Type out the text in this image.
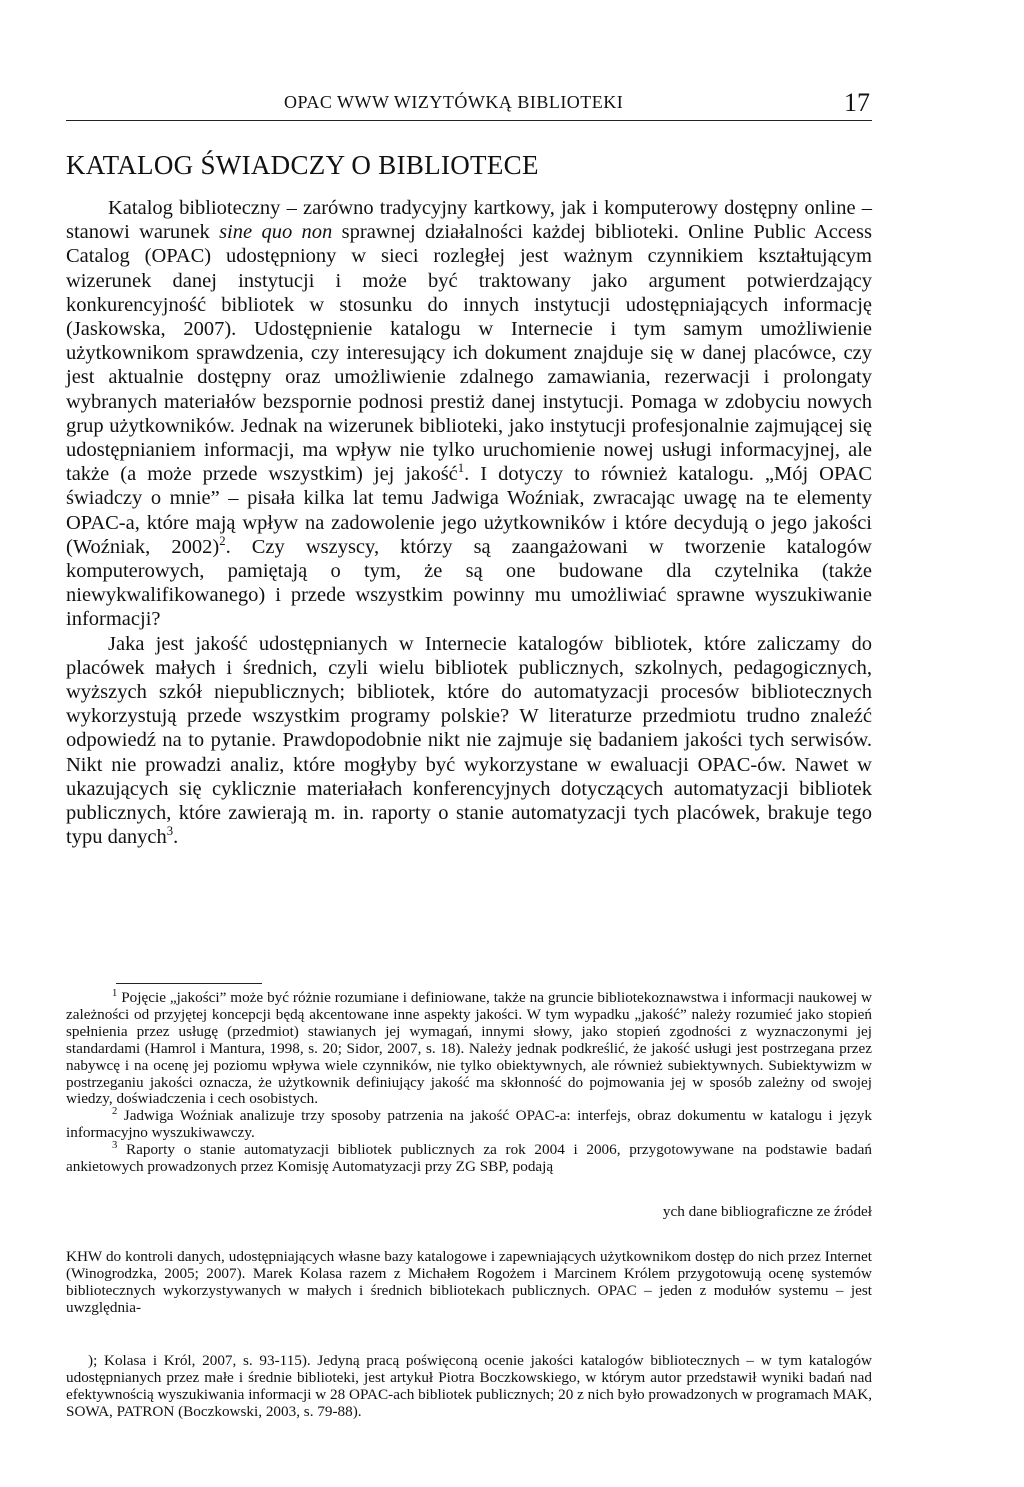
OPAC WWW WIZYTÓWKĄ BIBLIOTEKI	17
KATALOG ŚWIADCZY O BIBLIOTECE

Katalog biblioteczny – zarówno tradycyjny kartkowy, jak i komputerowy dostępny online – stanowi warunek sine quo non sprawnej działalności każdej biblioteki. Online Public Access Catalog (OPAC) udostępniony w sieci rozległej jest ważnym czynnikiem kształtującym wizerunek danej instytucji i może być traktowany jako argument potwierdzający konkurencyjność bibliotek w stosunku do innych instytucji udostępniających informację (Jaskowska, 2007). Udostępnienie katalogu w Internecie i tym samym umożliwienie użytkownikom sprawdzenia, czy interesujący ich dokument znajduje się w danej placówce, czy jest aktualnie dostępny oraz umożliwienie zdalnego zamawiania, rezerwacji i prolongaty wybranych materiałów bezspornie podnosi prestiż danej instytucji. Pomaga w zdobyciu nowych grup użytkowników. Jednak na wizerunek biblioteki, jako instytucji profesjonalnie zajmującej się udostępnianiem informacji, ma wpływ nie tylko uruchomienie nowej usługi informacyjnej, ale także (a może przede wszystkim) jej jakość$^1$. I dotyczy to również katalogu. „Mój OPAC świadczy o mnie” – pisała kilka lat temu Jadwiga Woźniak, zwracając uwagę na te elementy OPAC-a, które mają wpływ na zadowolenie jego użytkowników i które decydują o jego jakości (Woźniak, 2002)$^2$. Czy wszyscy, którzy są zaangażowani w tworzenie katalogów komputerowych, pamiętają o tym, że są one budowane dla czytelnika (także niewykwalifikowanego) i przede wszystkim powinny mu umożliwiać sprawne wyszukiwanie informacji?

Jaka jest jakość udostępnianych w Internecie katalogów bibliotek, które zaliczamy do placówek małych i średnich, czyli wielu bibliotek publicznych, szkolnych, pedagogicznych, wyższych szkół niepublicznych; bibliotek, które do automatyzacji procesów bibliotecznych wykorzystują przede wszystkim programy polskie? W literaturze przedmiotu trudno znaleźć odpowiedź na to pytanie. Prawdopodobnie nikt nie zajmuje się badaniem jakości tych serwisów. Nikt nie prowadzi analiz, które mogłyby być wykorzystane w ewaluacji OPAC-ów. Nawet w ukazujących się cyklicznie materiałach konferencyjnych dotyczących automatyzacji bibliotek publicznych, które zawierają m. in. raporty o stanie automatyzacji tych placówek, brakuje tego typu danych$^3$.

$^1$ Pojęcie „jakości” może być różnie rozumiane i definiowane, także na gruncie bibliotekoznawstwa i informacji naukowej w zależności od przyjętej koncepcji będą akcentowane inne aspekty jakości. W tym wypadku „jakość” należy rozumieć jako stopień spełnienia przez usługę (przedmiot) stawianych jej wymagań, innymi słowy, jako stopień zgodności z wyznaczonymi jej standardami (Hamrol i Mantura, 1998, s. 20; Sidor, 2007, s. 18). Należy jednak podkreślić, że jakość usługi jest postrzegana przez nabywcę i na ocenę jej poziomu wpływa wiele czynników, nie tylko obiektywnych, ale również subiektywnych. Subiektywizm w postrzeganiu jakości oznacza, że użytkownik definiujący jakość ma skłonność do pojmowania jej w sposób zależny od swojej wiedzy, doświadczenia i cech osobistych.

$^2$ Jadwiga Woźniak analizuje trzy sposoby patrzenia na jakość OPAC-a: interfejs, obraz dokumentu w katalogu i język informacyjno wyszukiwawczy.

$^3$ Raporty o stanie automatyzacji bibliotek publicznych za rok 2004 i 2006, przygotowywane na podstawie badań ankietowych prowadzonych przez Komisję Automatyzacji przy ZG SBP, podają

ych dane bibliograficzne ze źródeł

KHW do kontroli danych, udostępniających własne bazy katalogowe i zapewniających użytkownikom dostęp do nich przez Internet (Winogrodzka, 2005; 2007). Marek Kolasa razem z Michałem Rogożem i Marcinem Królem przygotowują ocenę systemów bibliotecznych wykorzystywanych w małych i średnich bibliotekach publicznych. OPAC – jeden z modułów systemu – jest uwzględnia-

); Kolasa i Król, 2007, s. 93-115). Jedyną pracą poświęconą ocenie jakości katalogów bibliotecznych – w tym katalogów udostępnianych przez małe i średnie biblioteki, jest artykuł Piotra Boczkowskiego, w którym autor przedstawił wyniki badań nad efektywnością wyszukiwania informacji w 28 OPAC-ach bibliotek publicznych; 20 z nich było prowadzonych w programach MAK, SOWA, PATRON (Boczkowski, 2003, s. 79-88).
